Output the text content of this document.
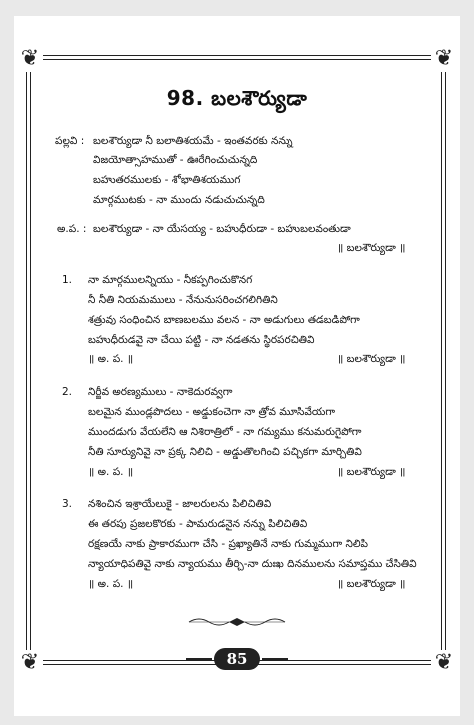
❦	❦
❦	❦
98. బలశౌర్యుడా
పల్లవి : బలశౌర్యుడా నీ బలాతిశయమే - ఇంతవరకు నన్ను
విజయోత్సాహముతో - ఊరేగించుచున్నది
బహుతరములకు - శోభాతిశయముగ
మార్గముటకు - నా ముందు నడుచుచున్నది
అ.ప. : బలశౌర్యుడా - నా యేసయ్య - బహుధీరుడా - బహుబలవంతుడా
॥ బలశౌర్యుడా ॥
1. నా మార్గములన్నియు - నీకప్పగించుకొనగ
నీ నీతి నియమములు - నేనునుసరించగలిగితిని
శత్రువు సంధించిన బాణబలము వలన - నా అడుగులు తడబడిపోగా
బహుధీరుడవై నా చేయి పట్టి - నా నడతను స్థిరపరచితివి
॥ అ. ప. ॥	॥ బలశౌర్యుడా ॥
2. నిర్జీవ అరణ్యములు - నాకెదురవ్వగా
బలమైన ముండ్లపొదలు - అడ్డుకంచెగా నా త్రోవ మూసివేయగా
ముందడుగు వేయలేని ఆ నిశిరాత్రిలో - నా గమ్యము కనుమరుగైపోగా
నీతి సూర్యునివై నా ప్రక్క నిలిచి - అడ్డుతొలగించి పచ్చికగా మార్చితివి
॥ అ. ప. ॥	॥ బలశౌర్యుడా ॥
3. నశించిన ఇశ్రాయేలుకై - జాలరులను పిలిచితివి
ఈ తరపు ప్రజలకొరకు - పామరుడనైన నన్ను పిలిచితివి
రక్షణయే నాకు ప్రాకారముగా చేసి - ప్రఖ్యాతినే నాకు గుమ్మముగా నిలిపి
న్యాయాధిపతివై నాకు న్యాయము తీర్చి-నా దుఃఖ దినములను సమాప్తము చేసితివి
॥ అ. ప. ॥	॥ బలశౌర్యుడా ॥
85
